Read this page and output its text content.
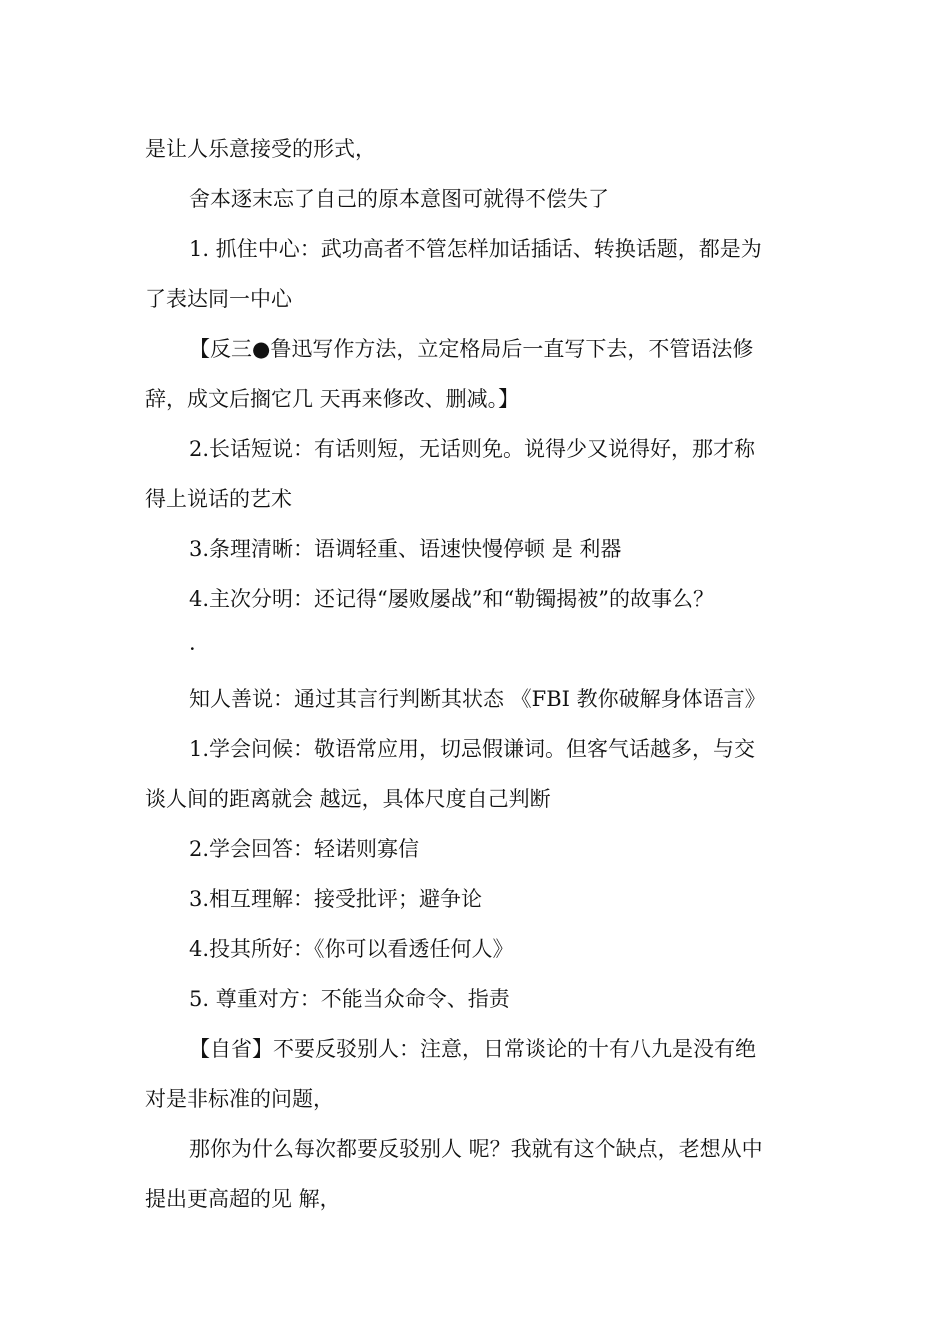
是让人乐意接受的形式，

舍本逐末忘了自己的原本意图可就得不偿失了

1. 抓住中心：武功高者不管怎样加话插话、转换话题，都是为

了表达同一中心

【反三●鲁迅写作方法，立定格局后一直写下去，不管语法修

辞，成文后搁它几 天再来修改、删减。】

2.长话短说：有话则短，无话则免。说得少又说得好，那才称

得上说话的艺术

3.条理清晰：语调轻重、语速快慢停顿 是 利器

4.主次分明：还记得“屡败屡战”和“勒镯揭被”的故事么？

·

知人善说：通过其言行判断其状态 《FBI 教你破解身体语言》

1.学会问候：敬语常应用，切忌假谦词。但客气话越多，与交

谈人间的距离就会 越远，具体尺度自己判断

2.学会回答：轻诺则寡信

3.相互理解：接受批评；避争论

4.投其所好：《你可以看透任何人》

5. 尊重对方：不能当众命令、指责

【自省】不要反驳别人：注意，日常谈论的十有八九是没有绝

对是非标准的问题，

那你为什么每次都要反驳别人 呢？我就有这个缺点，老想从中

提出更高超的见 解，
